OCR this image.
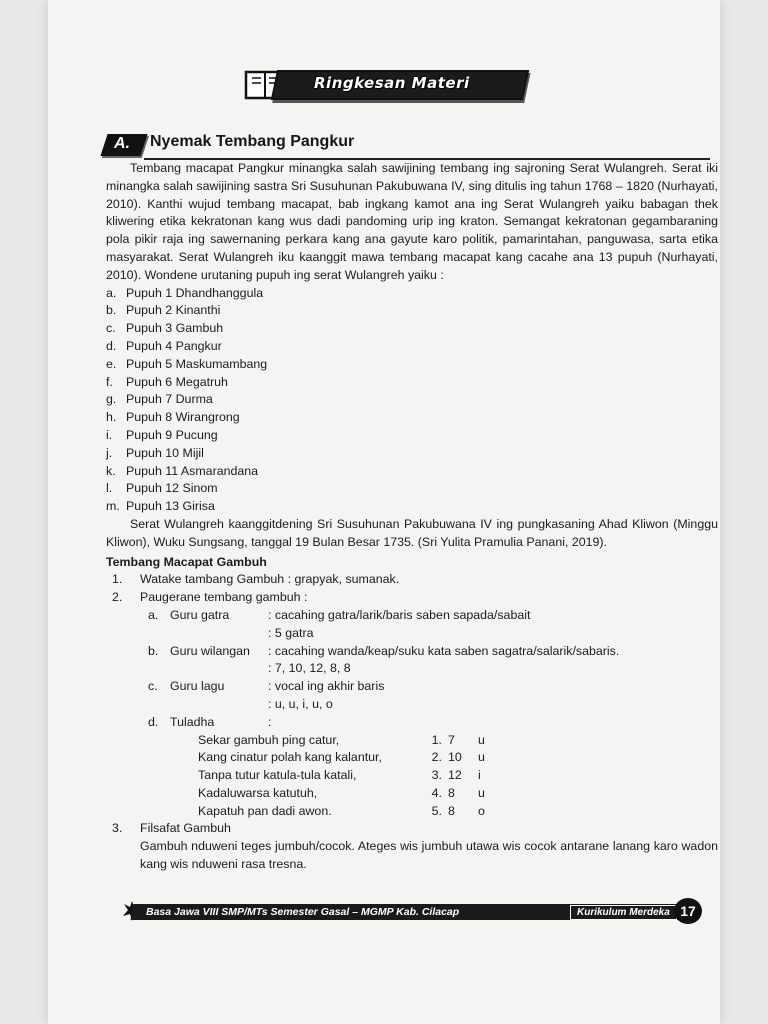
Ringkesan Materi
A. Nyemak Tembang Pangkur

Tembang macapat Pangkur minangka salah sawijining tembang ing sajroning Serat Wulangreh. Serat iki minangka salah sawijining sastra Sri Susuhunan Pakubuwana IV, sing ditulis ing tahun 1768 – 1820 (Nurhayati, 2010). Kanthi wujud tembang macapat, bab ingkang kamot ana ing Serat Wulangreh yaiku babagan thek kliwering etika kekratonan kang wus dadi pandoming urip ing kraton. Semangat kekratonan gegambaraning pola pikir raja ing sawernaning perkara kang ana gayute karo politik, pamarintahan, panguwasa, sarta etika masyarakat. Serat Wulangreh iku kaanggit mawa tembang macapat kang cacahe ana 13 pupuh (Nurhayati, 2010). Wondene urutaning pupuh ing serat Wulangreh yaiku :

a. Pupuh 1 Dhandhanggula
b. Pupuh 2 Kinanthi
c. Pupuh 3 Gambuh
d. Pupuh 4 Pangkur
e. Pupuh 5 Maskumambang
f.	Pupuh 6 Megatruh
g. Pupuh 7 Durma
h. Pupuh 8 Wirangrong
i.	Pupuh 9 Pucung
j.	Pupuh 10 Mijil
k. Pupuh 11 Asmarandana
l.	Pupuh 12 Sinom
m. Pupuh 13 Girisa

Serat Wulangreh kaanggitdening Sri Susuhunan Pakubuwana IV ing pungkasaning Ahad Kliwon (Minggu Kliwon), Wuku Sungsang, tanggal 19 Bulan Besar 1735. (Sri Yulita Pramulia Panani, 2019).

Tembang Macapat Gambuh
1.	Watake tambang Gambuh : grapyak, sumanak.
2.	Paugerane tembang gambuh :
a. Guru gatra	: cacahing gatra/larik/baris saben sapada/sabait
: 5 gatra
b. Guru wilangan	: cacahing wanda/keap/suku kata saben sagatra/salarik/sabaris.
: 7, 10, 12, 8, 8
c. Guru lagu	: vocal ing akhir baris
: u, u, i, u, o
d. Tuladha	:
Sekar gambuh ping catur,	1. 7	u
Kang cinatur polah kang kalantur,	2. 10	u
Tanpa tutur katula-tula katali,	3. 12	i
Kadaluwarsa katutuh,	4. 8	u
Kapatuh pan dadi awon.	5. 8	o
3.	Filsafat Gambuh

Gambuh nduweni teges jumbuh/cocok. Ateges wis jumbuh utawa wis cocok antarane lanang karo wadon kang wis nduweni rasa tresna.

Basa Jawa VIII SMP/MTs Semester Gasal – MGMP Kab. Cilacap	Kurikulum Merdeka 17
